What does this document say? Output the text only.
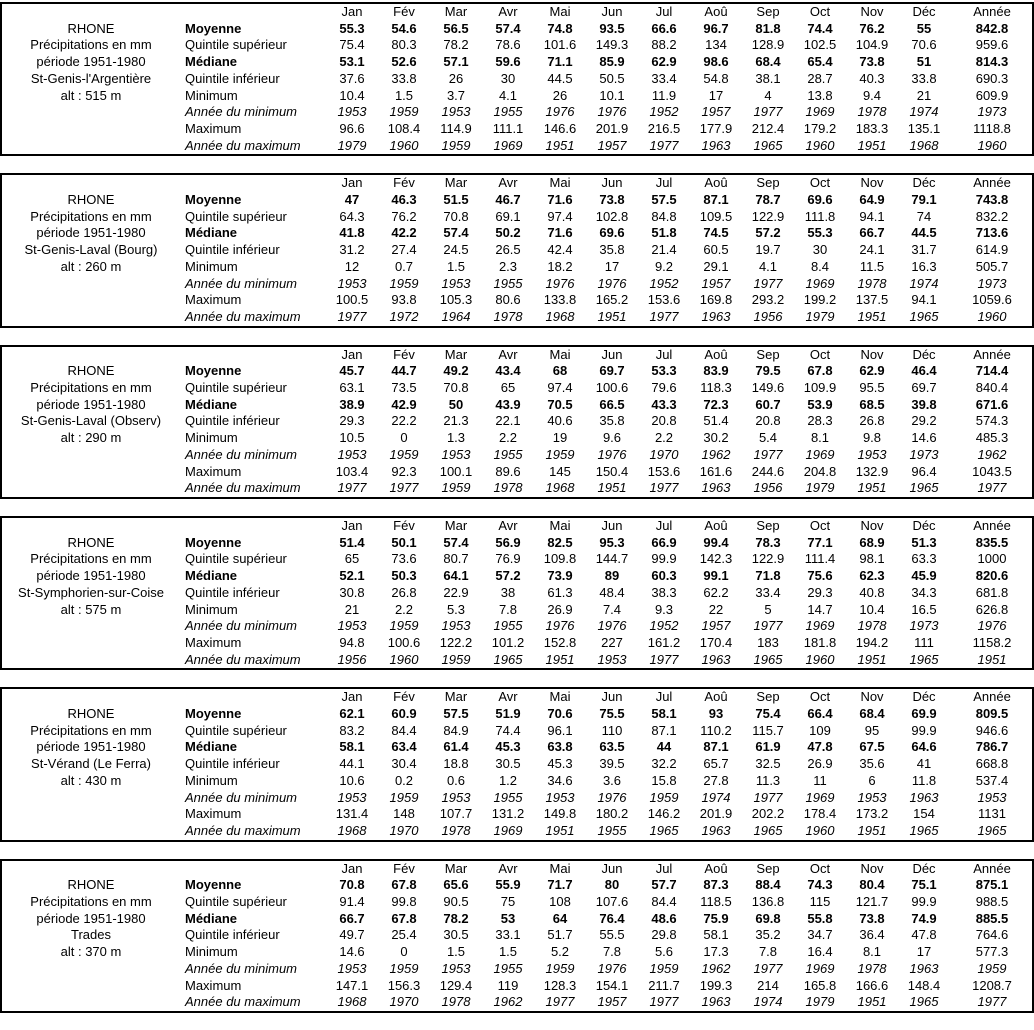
		Jan	Fév	Mar	Avr	Mai	Jun	Jul	Aoû	Sep	Oct	Nov	Déc	Année
RHONE	Moyenne	55.3	54.6	56.5	57.4	74.8	93.5	66.6	96.7	81.8	74.4	76.2	55	842.8
Précipitations en mm	Quintile supérieur	75.4	80.3	78.2	78.6	101.6	149.3	88.2	134	128.9	102.5	104.9	70.6	959.6
période 1951-1980	Médiane	53.1	52.6	57.1	59.6	71.1	85.9	62.9	98.6	68.4	65.4	73.8	51	814.3
St-Genis-l'Argentière	Quintile inférieur	37.6	33.8	26	30	44.5	50.5	33.4	54.8	38.1	28.7	40.3	33.8	690.3
alt : 515 m	Minimum	10.4	1.5	3.7	4.1	26	10.1	11.9	17	4	13.8	9.4	21	609.9
	Année du minimum	1953	1959	1953	1955	1976	1976	1952	1957	1977	1969	1978	1974	1973
	Maximum	96.6	108.4	114.9	111.1	146.6	201.9	216.5	177.9	212.4	179.2	183.3	135.1	1118.8
	Année du maximum	1979	1960	1959	1969	1951	1957	1977	1963	1965	1960	1951	1968	1960
		Jan	Fév	Mar	Avr	Mai	Jun	Jul	Aoû	Sep	Oct	Nov	Déc	Année
RHONE	Moyenne	47	46.3	51.5	46.7	71.6	73.8	57.5	87.1	78.7	69.6	64.9	79.1	743.8
Précipitations en mm	Quintile supérieur	64.3	76.2	70.8	69.1	97.4	102.8	84.8	109.5	122.9	111.8	94.1	74	832.2
période 1951-1980	Médiane	41.8	42.2	57.4	50.2	71.6	69.6	51.8	74.5	57.2	55.3	66.7	44.5	713.6
St-Genis-Laval (Bourg)	Quintile inférieur	31.2	27.4	24.5	26.5	42.4	35.8	21.4	60.5	19.7	30	24.1	31.7	614.9
alt : 260 m	Minimum	12	0.7	1.5	2.3	18.2	17	9.2	29.1	4.1	8.4	11.5	16.3	505.7
	Année du minimum	1953	1959	1953	1955	1976	1976	1952	1957	1977	1969	1978	1974	1973
	Maximum	100.5	93.8	105.3	80.6	133.8	165.2	153.6	169.8	293.2	199.2	137.5	94.1	1059.6
	Année du maximum	1977	1972	1964	1978	1968	1951	1977	1963	1956	1979	1951	1965	1960
		Jan	Fév	Mar	Avr	Mai	Jun	Jul	Aoû	Sep	Oct	Nov	Déc	Année
RHONE	Moyenne	45.7	44.7	49.2	43.4	68	69.7	53.3	83.9	79.5	67.8	62.9	46.4	714.4
Précipitations en mm	Quintile supérieur	63.1	73.5	70.8	65	97.4	100.6	79.6	118.3	149.6	109.9	95.5	69.7	840.4
période 1951-1980	Médiane	38.9	42.9	50	43.9	70.5	66.5	43.3	72.3	60.7	53.9	68.5	39.8	671.6
St-Genis-Laval (Observ)	Quintile inférieur	29.3	22.2	21.3	22.1	40.6	35.8	20.8	51.4	20.8	28.3	26.8	29.2	574.3
alt : 290 m	Minimum	10.5	0	1.3	2.2	19	9.6	2.2	30.2	5.4	8.1	9.8	14.6	485.3
	Année du minimum	1953	1959	1953	1955	1959	1976	1970	1962	1977	1969	1953	1973	1962
	Maximum	103.4	92.3	100.1	89.6	145	150.4	153.6	161.6	244.6	204.8	132.9	96.4	1043.5
	Année du maximum	1977	1977	1959	1978	1968	1951	1977	1963	1956	1979	1951	1965	1977
		Jan	Fév	Mar	Avr	Mai	Jun	Jul	Aoû	Sep	Oct	Nov	Déc	Année
RHONE	Moyenne	51.4	50.1	57.4	56.9	82.5	95.3	66.9	99.4	78.3	77.1	68.9	51.3	835.5
Précipitations en mm	Quintile supérieur	65	73.6	80.7	76.9	109.8	144.7	99.9	142.3	122.9	111.4	98.1	63.3	1000
période 1951-1980	Médiane	52.1	50.3	64.1	57.2	73.9	89	60.3	99.1	71.8	75.6	62.3	45.9	820.6
St-Symphorien-sur-Coise	Quintile inférieur	30.8	26.8	22.9	38	61.3	48.4	38.3	62.2	33.4	29.3	40.8	34.3	681.8
alt : 575 m	Minimum	21	2.2	5.3	7.8	26.9	7.4	9.3	22	5	14.7	10.4	16.5	626.8
	Année du minimum	1953	1959	1953	1955	1976	1976	1952	1957	1977	1969	1978	1973	1976
	Maximum	94.8	100.6	122.2	101.2	152.8	227	161.2	170.4	183	181.8	194.2	111	1158.2
	Année du maximum	1956	1960	1959	1965	1951	1953	1977	1963	1965	1960	1951	1965	1951
		Jan	Fév	Mar	Avr	Mai	Jun	Jul	Aoû	Sep	Oct	Nov	Déc	Année
RHONE	Moyenne	62.1	60.9	57.5	51.9	70.6	75.5	58.1	93	75.4	66.4	68.4	69.9	809.5
Précipitations en mm	Quintile supérieur	83.2	84.4	84.9	74.4	96.1	110	87.1	110.2	115.7	109	95	99.9	946.6
période 1951-1980	Médiane	58.1	63.4	61.4	45.3	63.8	63.5	44	87.1	61.9	47.8	67.5	64.6	786.7
St-Vérand (Le Ferra)	Quintile inférieur	44.1	30.4	18.8	30.5	45.3	39.5	32.2	65.7	32.5	26.9	35.6	41	668.8
alt : 430 m	Minimum	10.6	0.2	0.6	1.2	34.6	3.6	15.8	27.8	11.3	11	6	11.8	537.4
	Année du minimum	1953	1959	1953	1955	1953	1976	1959	1974	1977	1969	1953	1963	1953
	Maximum	131.4	148	107.7	131.2	149.8	180.2	146.2	201.9	202.2	178.4	173.2	154	1131
	Année du maximum	1968	1970	1978	1969	1951	1955	1965	1963	1965	1960	1951	1965	1965
		Jan	Fév	Mar	Avr	Mai	Jun	Jul	Aoû	Sep	Oct	Nov	Déc	Année
RHONE	Moyenne	70.8	67.8	65.6	55.9	71.7	80	57.7	87.3	88.4	74.3	80.4	75.1	875.1
Précipitations en mm	Quintile supérieur	91.4	99.8	90.5	75	108	107.6	84.4	118.5	136.8	115	121.7	99.9	988.5
période 1951-1980	Médiane	66.7	67.8	78.2	53	64	76.4	48.6	75.9	69.8	55.8	73.8	74.9	885.5
Trades	Quintile inférieur	49.7	25.4	30.5	33.1	51.7	55.5	29.8	58.1	35.2	34.7	36.4	47.8	764.6
alt : 370 m	Minimum	14.6	0	1.5	1.5	5.2	7.8	5.6	17.3	7.8	16.4	8.1	17	577.3
	Année du minimum	1953	1959	1953	1955	1959	1976	1959	1962	1977	1969	1978	1963	1959
	Maximum	147.1	156.3	129.4	119	128.3	154.1	211.7	199.3	214	165.8	166.6	148.4	1208.7
	Année du maximum	1968	1970	1978	1962	1977	1957	1977	1963	1974	1979	1951	1965	1977
